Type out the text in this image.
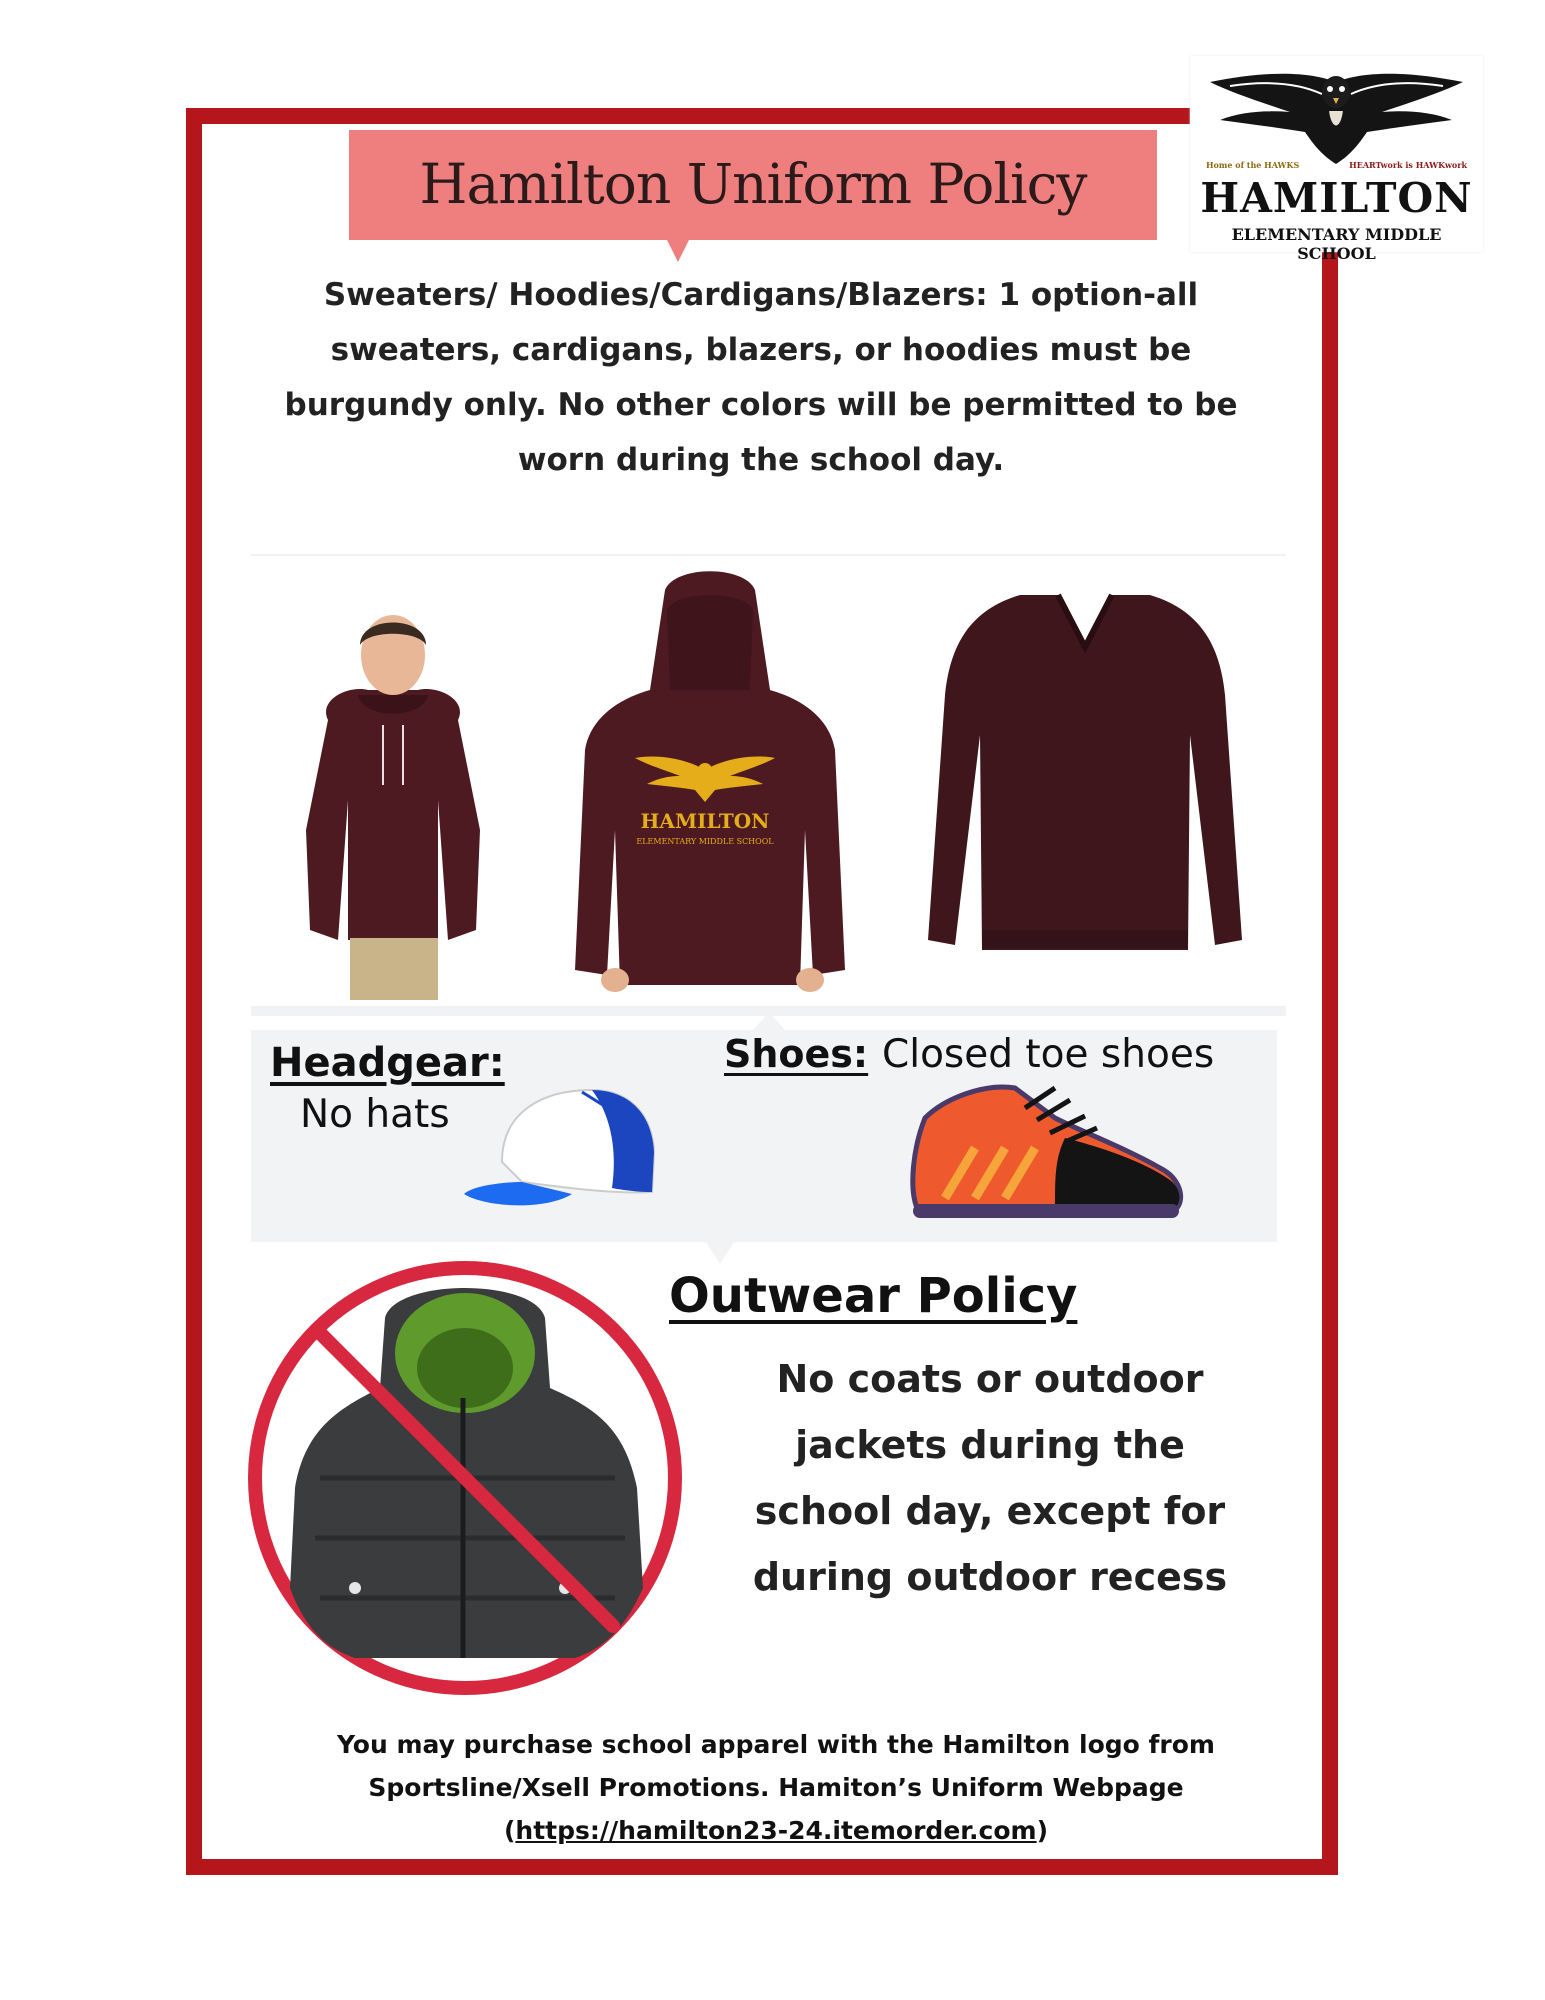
Home of the HAWKS	HEARTwork is HAWKwork
HAMILTON
ELEMENTARY MIDDLE SCHOOL
Hamilton Uniform Policy
Sweaters/ Hoodies/Cardigans/Blazers: 1 option-all
sweaters, cardigans, blazers, or hoodies must be
burgundy only. No other colors will be permitted to be
worn during the school day.
HAMILTON
ELEMENTARY MIDDLE SCHOOL
Headgear:
No hats
Shoes: Closed toe shoes
Outwear Policy
No coats or outdoor
jackets during the
school day, except for
during outdoor recess
You may purchase school apparel with the Hamilton logo from
Sportsline/Xsell Promotions. Hamiton’s Uniform Webpage
(https://hamilton23-24.itemorder.com)
